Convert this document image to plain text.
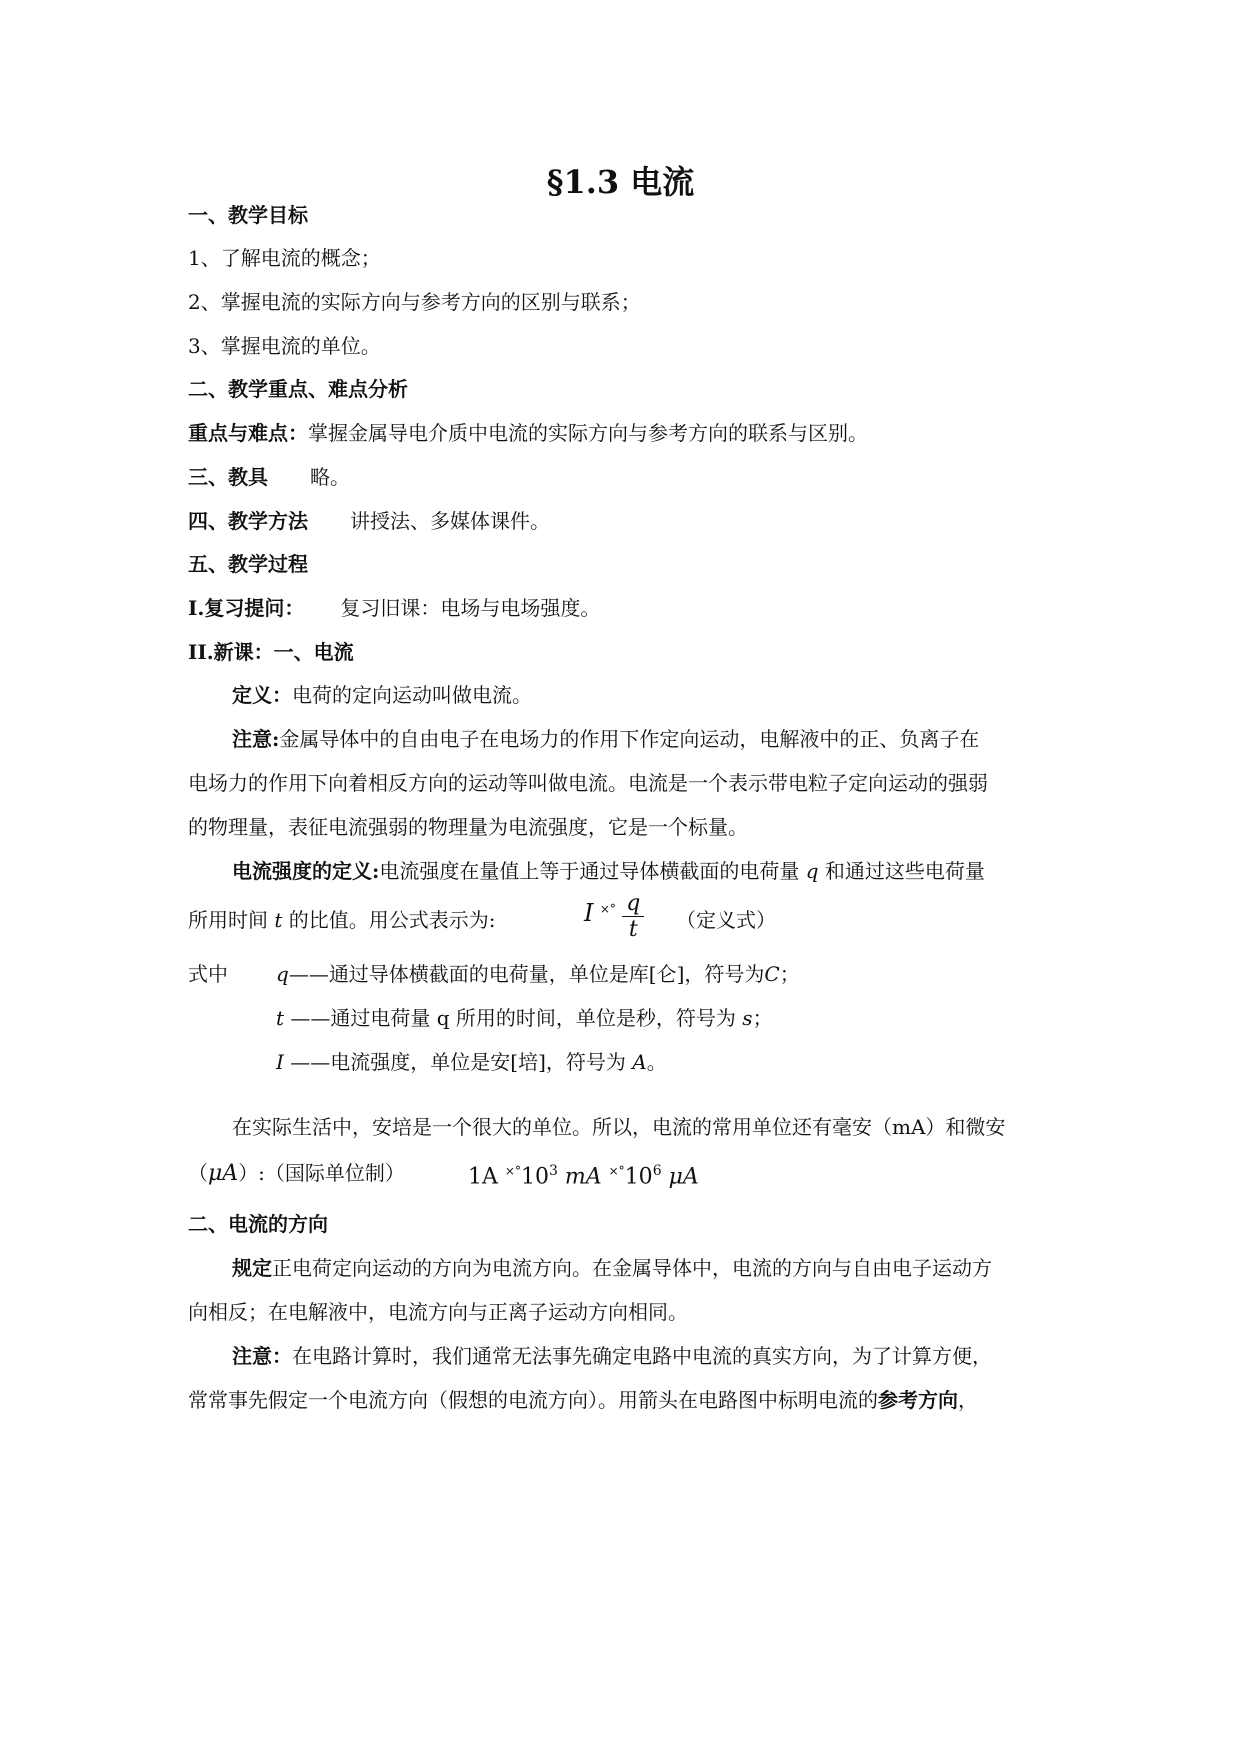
§1.3 电流
一、教学目标
1、了解电流的概念；
2、掌握电流的实际方向与参考方向的区别与联系；
3、掌握电流的单位。
二、教学重点、难点分析
重点与难点：掌握金属导电介质中电流的实际方向与参考方向的联系与区别。
三、教具 略。
四、教学方法 讲授法、多媒体课件。
五、教学过程
Ⅰ.复习提问： 复习旧课：电场与电场强度。
II.新课：一、电流
定义：电荷的定向运动叫做电流。
注意:金属导体中的自由电子在电场力的作用下作定向运动，电解液中的正、负离子在
电场力的作用下向着相反方向的运动等叫做电流。电流是一个表示带电粒子定向运动的强弱
的物理量，表征电流强弱的物理量为电流强度，它是一个标量。
电流强度的定义:电流强度在量值上等于通过导体横截面的电荷量 q 和通过这些电荷量
所用时间 t 的比值。用公式表示为:	I $^{\times^\circ} \frac{q}{t}$ （定义式）
式中 q——通过导体横截面的电荷量，单位是库[仑]，符号为C；
t ——通过电荷量 q 所用的时间，单位是秒，符号为 s；
I ——电流强度，单位是安[培]，符号为 A。
在实际生活中，安培是一个很大的单位。所以，电流的常用单位还有毫安（mA）和微安
（μA）:（国际单位制）	1A $^{\times^\circ}10^3$ mA $^{\times^\circ}10^6$ μA
二、电流的方向
规定正电荷定向运动的方向为电流方向。在金属导体中，电流的方向与自由电子运动方
向相反；在电解液中，电流方向与正离子运动方向相同。
注意：在电路计算时，我们通常无法事先确定电路中电流的真实方向，为了计算方便，
常常事先假定一个电流方向（假想的电流方向）。用箭头在电路图中标明电流的参考方向，
